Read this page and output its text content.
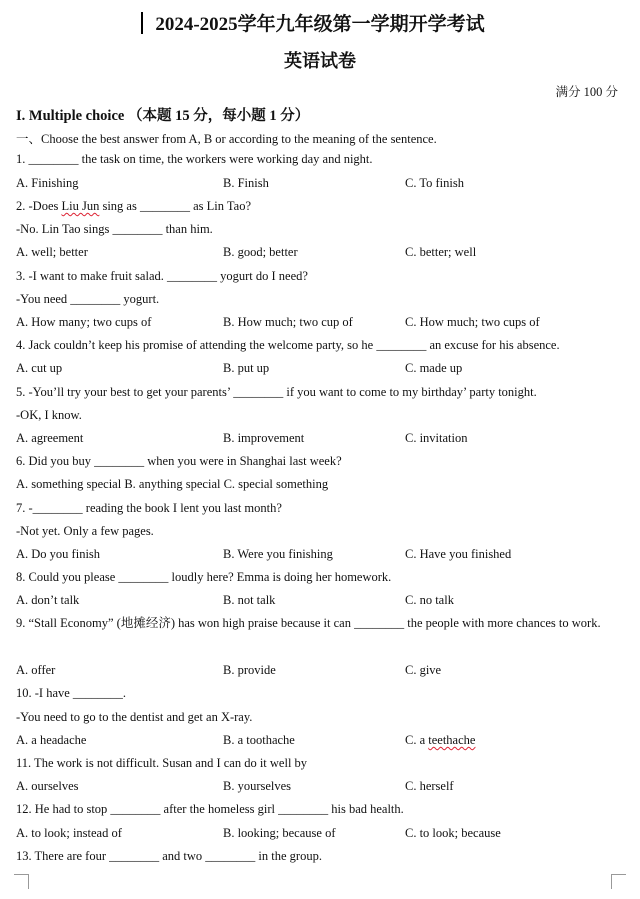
2024-2025学年九年级第一学期开学考试
英语试卷
满分 100 分
I. Multiple choice （本题 15 分，每小题 1 分）
一、Choose the best answer from A, B or according to the meaning of the sentence.
1. ________ the task on time, the workers were working day and night.
A. Finishing	B. Finish	C. To finish
2. -Does Liu Jun sing as ________ as Lin Tao?
-No. Lin Tao sings ________ than him.
A. well; better	B. good; better	C. better; well
3. -I want to make fruit salad. ________ yogurt do I need?
-You need ________ yogurt.
A. How many; two cups of	B. How much; two cup of	C. How much; two cups of
4. Jack couldn’t keep his promise of attending the welcome party, so he ________ an excuse for his absence.
A. cut up	B. put up	C. made up
5. -You’ll try your best to get your parents’ ________ if you want to come to my birthday’ party tonight.
-OK, I know.
A. agreement	B. improvement	C. invitation
6. Did you buy ________ when you were in Shanghai last week?
A. something special B. anything special C. special something
7. -________ reading the book I lent you last month?
-Not yet. Only a few pages.
A. Do you finish	B. Were you finishing	C. Have you finished
8. Could you please ________ loudly here? Emma is doing her homework.
A. don’t talk	B. not talk	C. no talk
9. “Stall Economy” (地摊经济) has won high praise because it can ________ the people with more chances to work.
A. offer	B. provide	C. give
10. -I have ________.
-You need to go to the dentist and get an X-ray.
A. a headache	B. a toothache	C. a teethache
11. The work is not difficult. Susan and I can do it well by
A. ourselves	B. yourselves	C. herself
12. He had to stop ________ after the homeless girl ________ his bad health.
A. to look; instead of	B. looking; because of	C. to look; because
13. There are four ________ and two ________ in the group.
